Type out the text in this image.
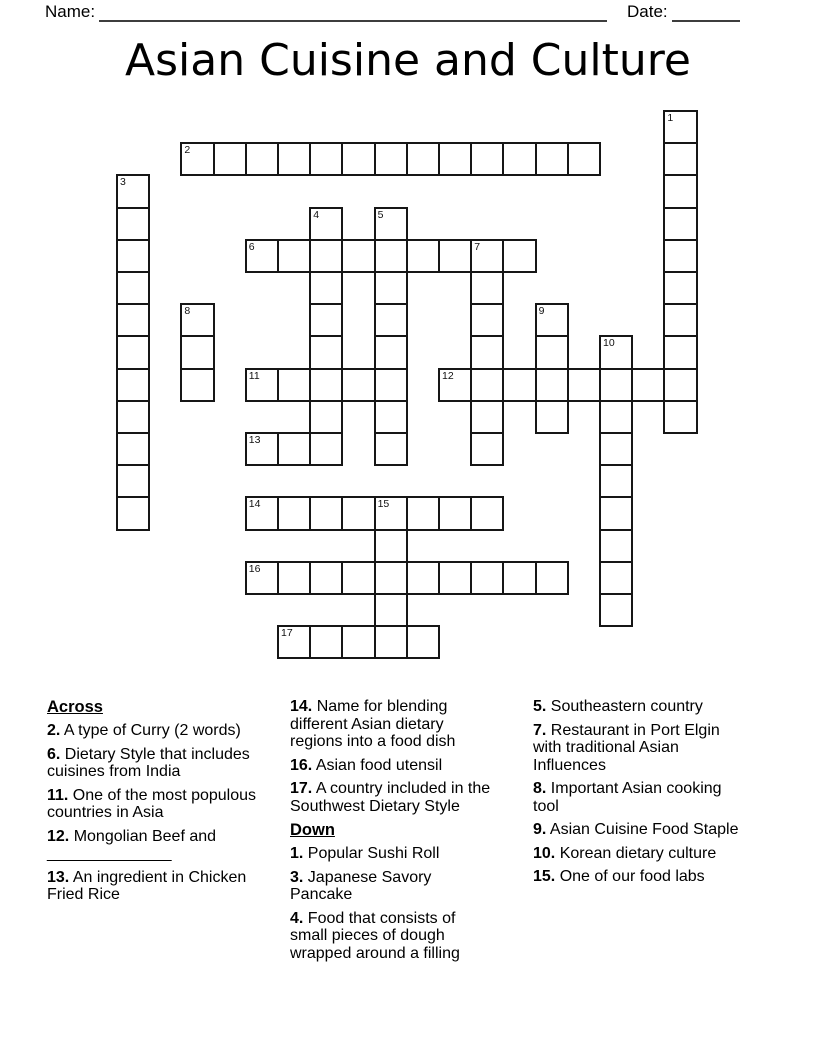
Name:	Date:
Asian Cuisine and Culture
1
2
3
4	5
6	7
8	9
10
11	12
13
14	15
16
17
Across
2. A type of Curry (2 words)
6. Dietary Style that includes cuisines from India
11. One of the most populous countries in Asia
12. Mongolian Beef and ______________
13. An ingredient in Chicken Fried Rice
14. Name for blending different Asian dietary regions into a food dish
16. Asian food utensil
17. A country included in the Southwest Dietary Style
Down
1. Popular Sushi Roll
3. Japanese Savory Pancake
4. Food that consists of small pieces of dough wrapped around a filling
5. Southeastern country
7. Restaurant in Port Elgin with traditional Asian Influences
8. Important Asian cooking tool
9. Asian Cuisine Food Staple
10. Korean dietary culture
15. One of our food labs
